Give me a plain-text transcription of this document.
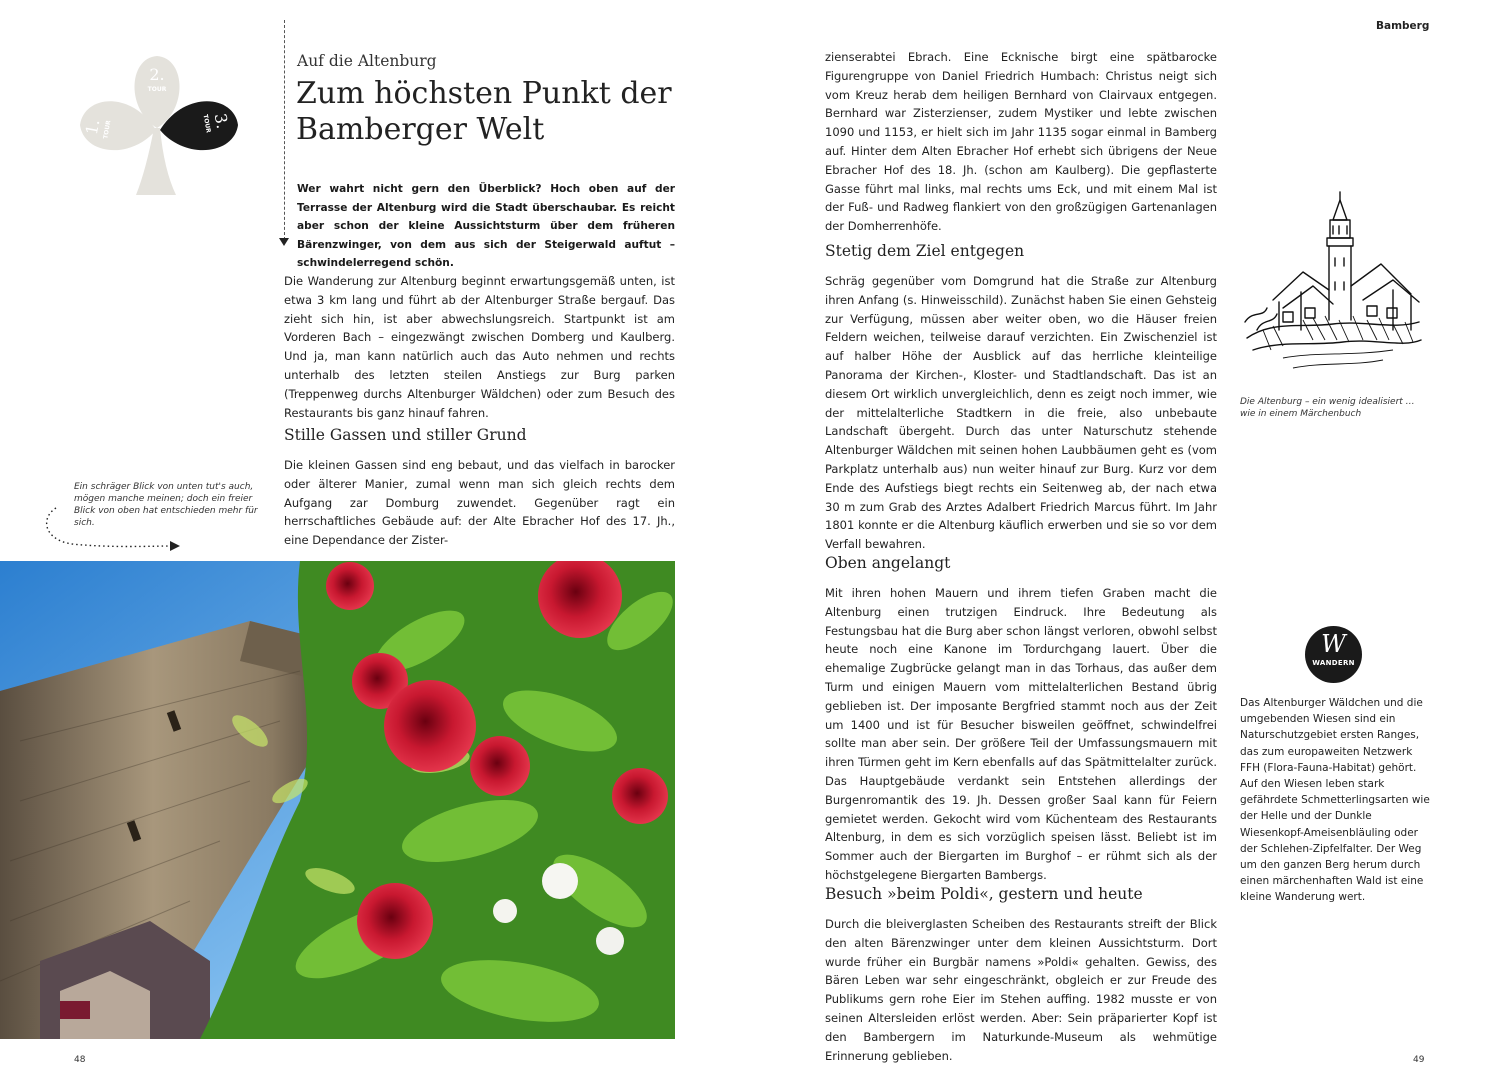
Bamberg
48	49
2.
TOUR
1. TOUR	3.
TOUR
Auf die Altenburg
Zum höchsten Punkt der Bamberger Welt

Wer wahrt nicht gern den Überblick? Hoch oben auf der Terrasse der Altenburg wird die Stadt überschaubar. Es reicht aber schon der kleine Aussichtsturm über dem früheren Bärenzwinger, von dem aus sich der Steigerwald auftut – schwindelerregend schön.

Die Wanderung zur Altenburg beginnt erwartungsgemäß unten, ist etwa 3 km lang und führt ab der Altenburger Straße bergauf. Das zieht sich hin, ist aber abwechslungsreich. Startpunkt ist am Vorderen Bach – eingezwängt zwischen Domberg und Kaulberg. Und ja, man kann natürlich auch das Auto nehmen und rechts unterhalb des letzten steilen Anstiegs zur Burg parken (Treppenweg durchs Altenburger Wäldchen) oder zum Besuch des Restaurants bis ganz hinauf fahren.

Stille Gassen und stiller Grund

Die kleinen Gassen sind eng bebaut, und das vielfach in barocker oder älterer Manier, zumal wenn man sich gleich rechts dem Aufgang zar Domburg zuwendet. Gegenüber ragt ein herrschaftliches Gebäude auf: der Alte Ebracher Hof des 17. Jh., eine Dependance der Zister-

Ein schräger Blick von unten tut's auch, mögen manche meinen; doch ein freier Blick von oben hat entschieden mehr für sich.

zienserabtei Ebrach. Eine Ecknische birgt eine spätbarocke Figurengruppe von Daniel Friedrich Humbach: Christus neigt sich vom Kreuz herab dem heiligen Bernhard von Clairvaux entgegen. Bernhard war Zisterzienser, zudem Mystiker und lebte zwischen 1090 und 1153, er hielt sich im Jahr 1135 sogar einmal in Bamberg auf. Hinter dem Alten Ebracher Hof erhebt sich übrigens der Neue Ebracher Hof des 18. Jh. (schon am Kaulberg). Die gepflasterte Gasse führt mal links, mal rechts ums Eck, und mit einem Mal ist der Fuß- und Radweg flankiert von den großzügigen Gartenanlagen der Domherrenhöfe.

Stetig dem Ziel entgegen

Schräg gegenüber vom Domgrund hat die Straße zur Altenburg ihren Anfang (s. Hinweisschild). Zunächst haben Sie einen Gehsteig zur Verfügung, müssen aber weiter oben, wo die Häuser freien Feldern weichen, teilweise darauf verzichten. Ein Zwischenziel ist auf halber Höhe der Ausblick auf das herrliche kleinteilige Panorama der Kirchen-, Kloster- und Stadtlandschaft. Das ist an diesem Ort wirklich unvergleichlich, denn es zeigt noch immer, wie der mittelalterliche Stadtkern in die freie, also unbebaute Landschaft übergeht. Durch das unter Naturschutz stehende Altenburger Wäldchen mit seinen hohen Laubbäumen geht es (vom Parkplatz unterhalb aus) nun weiter hinauf zur Burg. Kurz vor dem Ende des Aufstiegs biegt rechts ein Seitenweg ab, der nach etwa 30 m zum Grab des Arztes Adalbert Friedrich Marcus führt. Im Jahr 1801 konnte er die Altenburg käuflich erwerben und sie so vor dem Verfall bewahren.

Oben angelangt

Mit ihren hohen Mauern und ihrem tiefen Graben macht die Altenburg einen trutzigen Eindruck. Ihre Bedeutung als Festungsbau hat die Burg aber schon längst verloren, obwohl selbst heute noch eine Kanone im Tordurchgang lauert. Über die ehemalige Zugbrücke gelangt man in das Torhaus, das außer dem Turm und einigen Mauern vom mittelalterlichen Bestand übrig geblieben ist. Der imposante Bergfried stammt noch aus der Zeit um 1400 und ist für Besucher bisweilen geöffnet, schwindelfrei sollte man aber sein. Der größere Teil der Umfassungsmauern mit ihren Türmen geht im Kern ebenfalls auf das Spätmittelalter zurück. Das Hauptgebäude verdankt sein Entstehen allerdings der Burgenromantik des 19. Jh. Dessen großer Saal kann für Feiern gemietet werden. Gekocht wird vom Küchenteam des Restaurants Altenburg, in dem es sich vorzüglich speisen lässt. Beliebt ist im Sommer auch der Biergarten im Burghof – er rühmt sich als der höchstgelegene Biergarten Bambergs.

Besuch »beim Poldi«, gestern und heute

Durch die bleiverglasten Scheiben des Restaurants streift der Blick den alten Bärenzwinger unter dem kleinen Aussichtsturm. Dort wurde früher ein Burgbär namens »Poldi« gehalten. Gewiss, des Bären Leben war sehr eingeschränkt, obgleich er zur Freude des Publikums gern rohe Eier im Stehen auffing. 1982 musste er von seinen Altersleiden erlöst werden. Aber: Sein präparierter Kopf ist den Bambergern im Naturkunde-Museum als wehmütige Erinnerung geblieben.

Die Altenburg – ein wenig idealisiert … wie in einem Märchenbuch

W
WANDERN

Das Altenburger Wäldchen und die umgebenden Wiesen sind ein Naturschutzgebiet ersten Ranges, das zum europaweiten Netzwerk FFH (Flora-Fauna-Habitat) gehört. Auf den Wiesen leben stark gefährdete Schmetterlingsarten wie der Helle und der Dunkle Wiesenkopf-Ameisenbläuling oder der Schlehen-Zipfelfalter. Der Weg um den ganzen Berg herum durch einen märchenhaften Wald ist eine kleine Wanderung wert.
